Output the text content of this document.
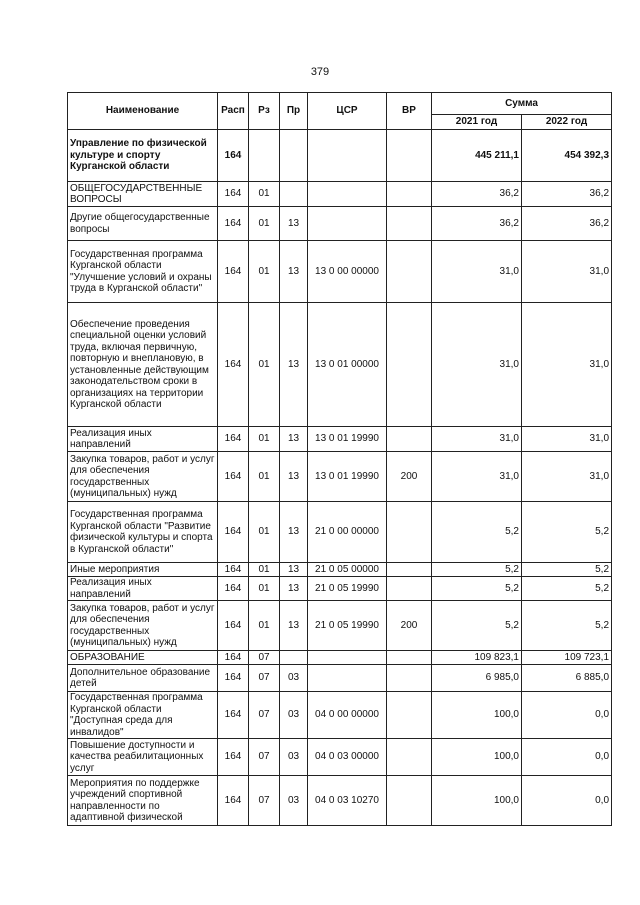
379
Наименование	Расп	Рз	Пр	ЦСР	ВР	Сумма	
						2021 год	2022 год
Управление по физической культуре и спорту Курганской области	164					445 211,1	454 392,3
ОБЩЕГОСУДАРСТВЕННЫЕ ВОПРОСЫ	164	01				36,2	36,2
Другие общегосударственные вопросы	164	01	13			36,2	36,2
Государственная программа Курганской области "Улучшение условий и охраны труда в Курганской области"	164	01	13	13 0 00 00000		31,0	31,0
Обеспечение проведения специальной оценки условий труда, включая первичную, повторную и внеплановую, в установленные действующим законодательством сроки в организациях на территории Курганской области	164	01	13	13 0 01 00000		31,0	31,0
Реализация иных направлений	164	01	13	13 0 01 19990		31,0	31,0
Закупка товаров, работ и услуг для обеспечения государственных (муниципальных) нужд	164	01	13	13 0 01 19990	200	31,0	31,0
Государственная программа Курганской области "Развитие физической культуры и спорта в Курганской области"	164	01	13	21 0 00 00000		5,2	5,2
Иные мероприятия	164	01	13	21 0 05 00000		5,2	5,2
Реализация иных направлений	164	01	13	21 0 05 19990		5,2	5,2
Закупка товаров, работ и услуг для обеспечения государственных (муниципальных) нужд	164	01	13	21 0 05 19990	200	5,2	5,2
ОБРАЗОВАНИЕ	164	07				109 823,1	109 723,1
Дополнительное образование детей	164	07	03			6 985,0	6 885,0
Государственная программа Курганской области "Доступная среда для инвалидов"	164	07	03	04 0 00 00000		100,0	0,0
Повышение доступности и качества реабилитационных услуг	164	07	03	04 0 03 00000		100,0	0,0
Мероприятия по поддержке учреждений спортивной направленности по адаптивной физической	164	07	03	04 0 03 10270		100,0	0,0
